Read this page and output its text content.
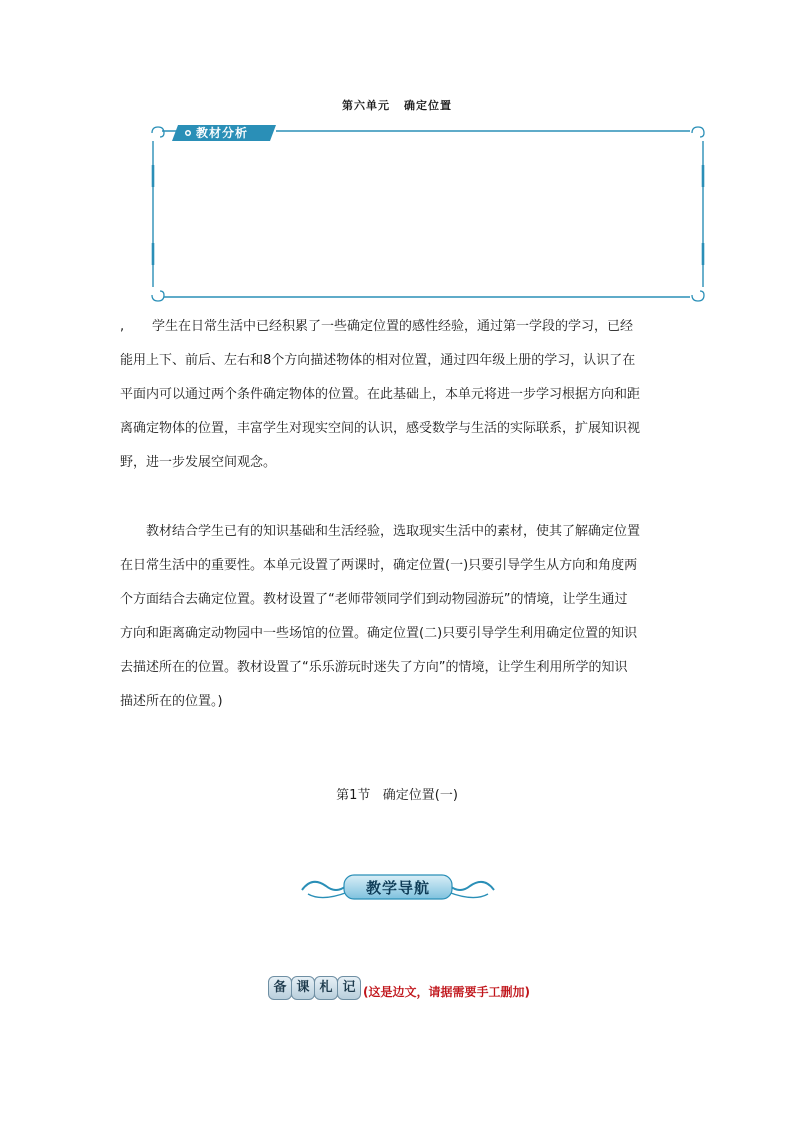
第六单元 确定位置
教材分析
,	学生在日常生活中已经积累了一些确定位置的感性经验，通过第一学段的学习，已经
能用上下、前后、左右和8个方向描述物体的相对位置，通过四年级上册的学习，认识了在
平面内可以通过两个条件确定物体的位置。在此基础上，本单元将进一步学习根据方向和距
离确定物体的位置，丰富学生对现实空间的认识，感受数学与生活的实际联系，扩展知识视
野，进一步发展空间观念。
教材结合学生已有的知识基础和生活经验，选取现实生活中的素材，使其了解确定位置
在日常生活中的重要性。本单元设置了两课时，确定位置(一)只要引导学生从方向和角度两
个方面结合去确定位置。教材设置了“老师带领同学们到动物园游玩”的情境，让学生通过
方向和距离确定动物园中一些场馆的位置。确定位置(二)只要引导学生利用确定位置的知识
去描述所在的位置。教材设置了“乐乐游玩时迷失了方向”的情境，让学生利用所学的知识
描述所在的位置。)
第1节 确定位置(一)
教学导航
备 课 札 记 (这是边文，请据需要手工删加)
